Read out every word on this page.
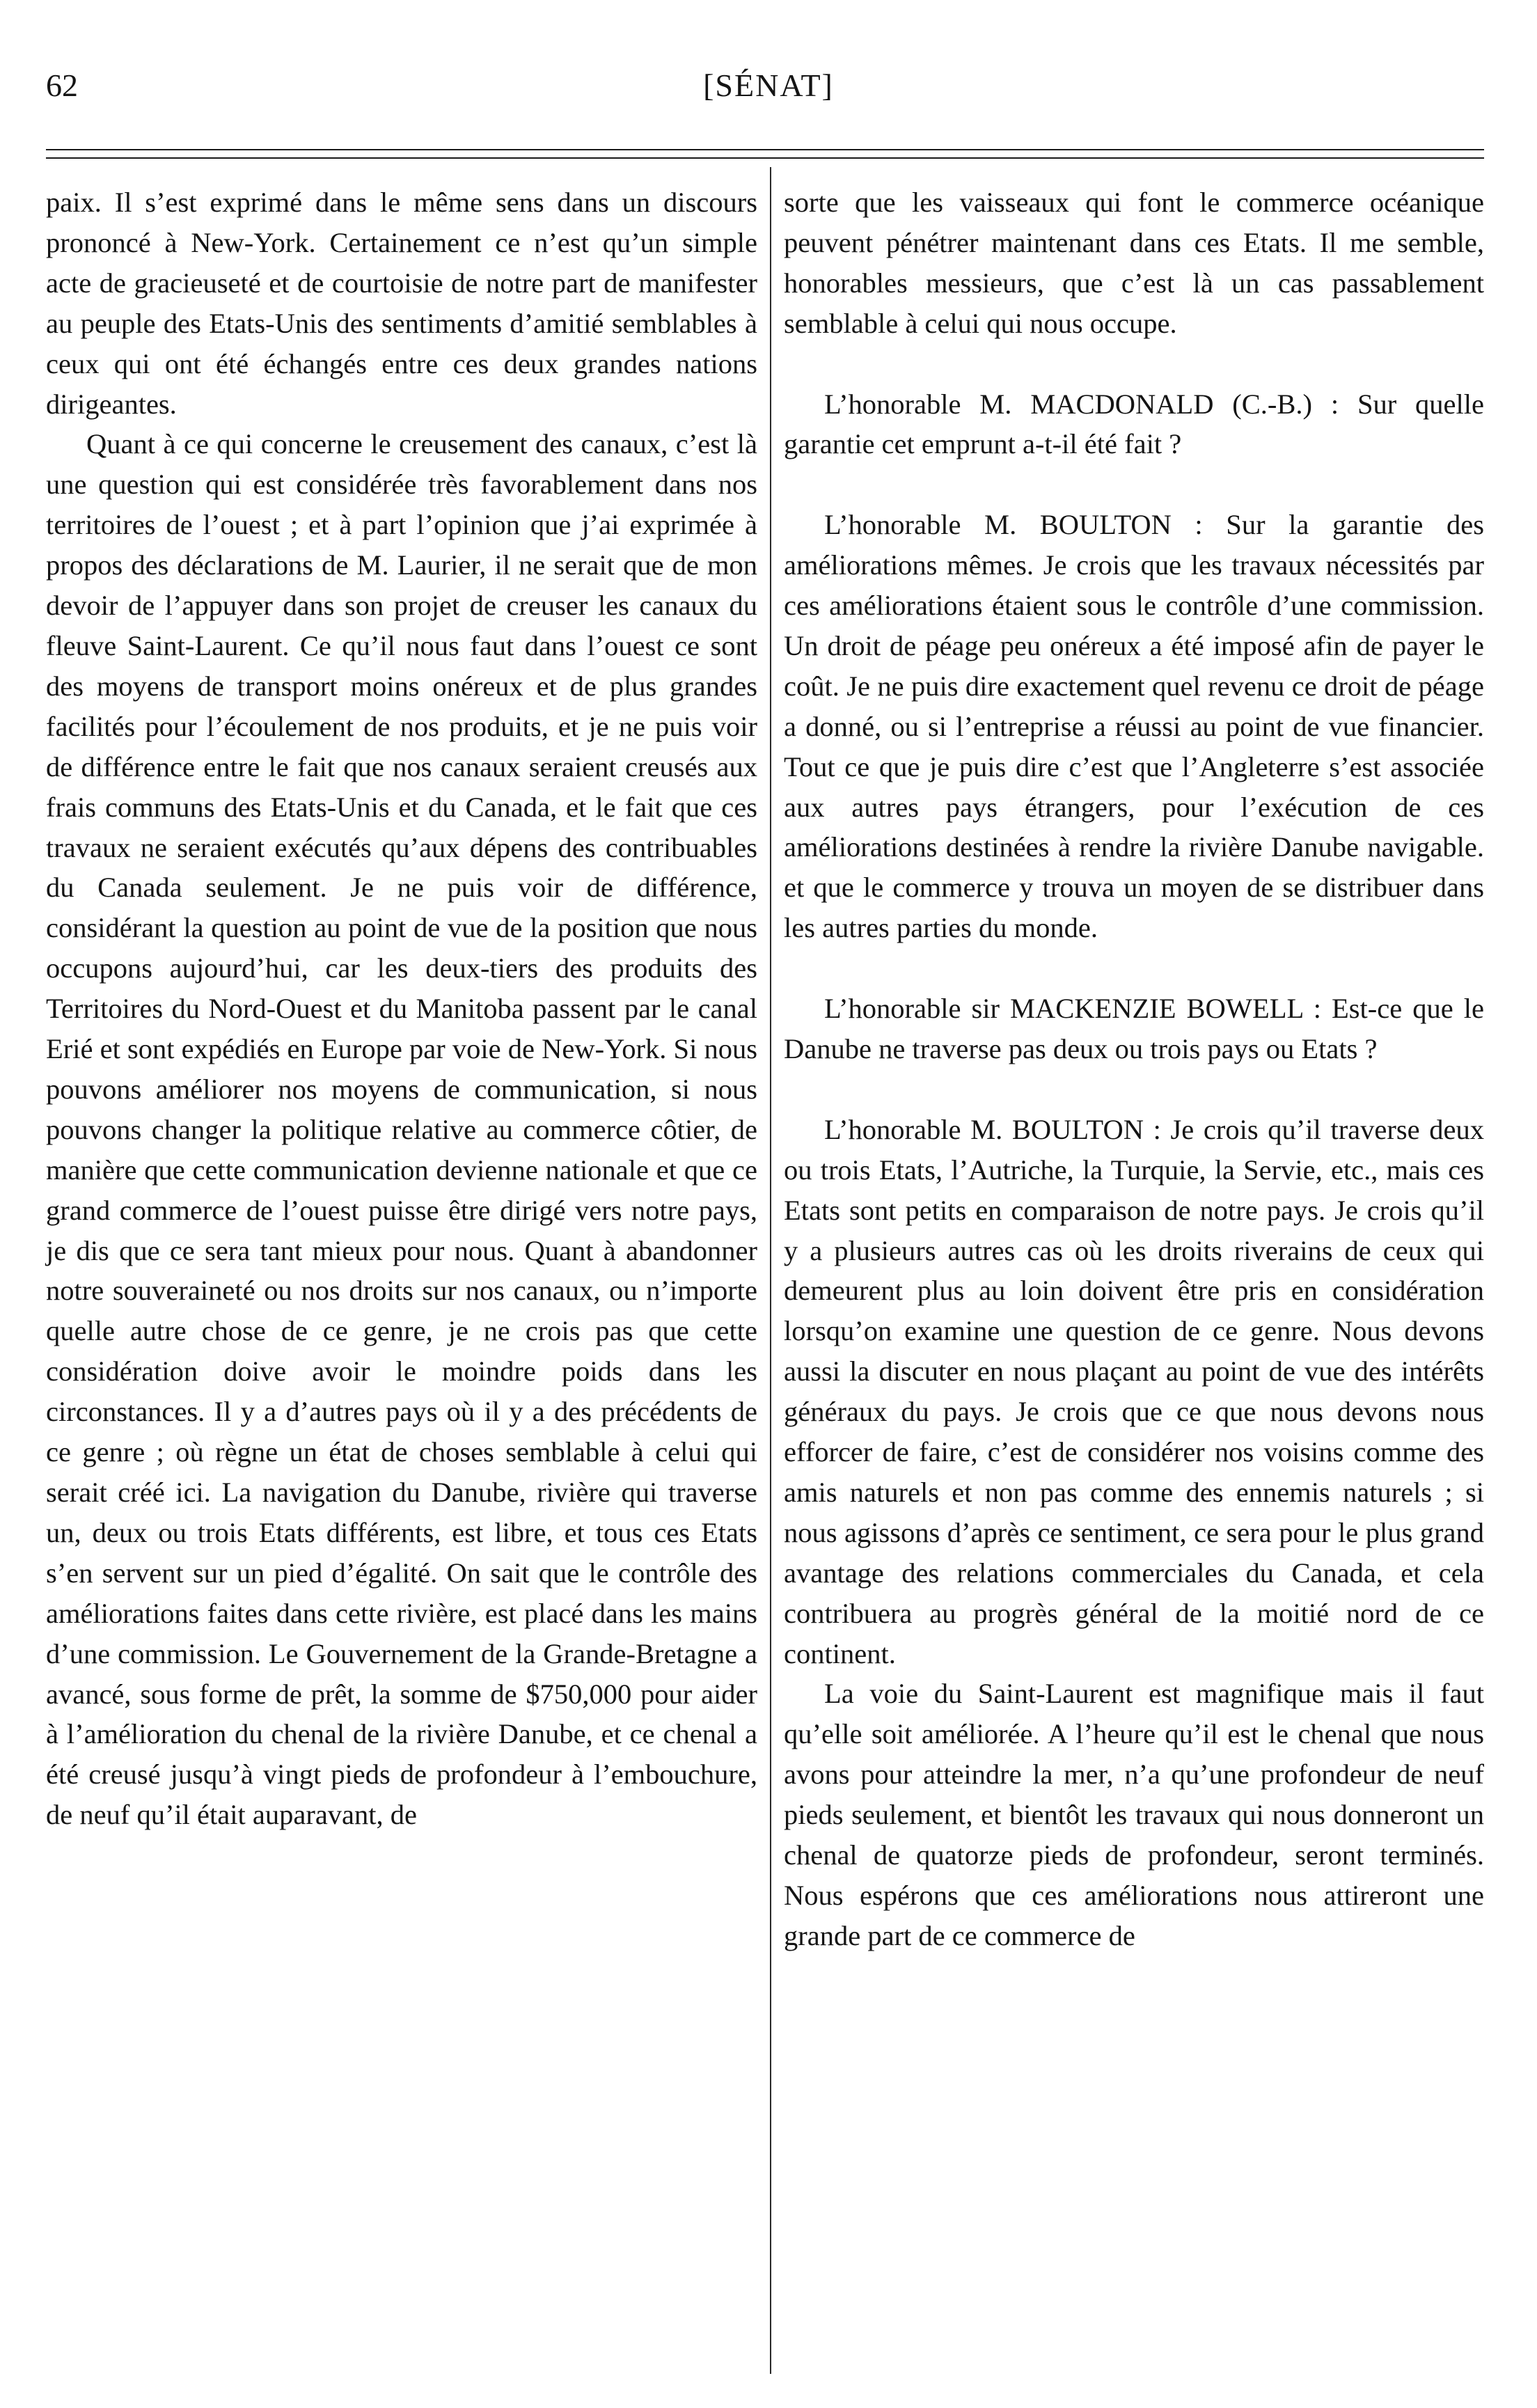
62	[SÉNAT]

paix. Il s’est exprimé dans le même sens dans un discours prononcé à New-York. Certainement ce n’est qu’un simple acte de gracieuseté et de courtoisie de notre part de manifester au peuple des Etats-Unis des sentiments d’amitié semblables à ceux qui ont été échangés entre ces deux grandes nations dirigeantes.

Quant à ce qui concerne le creusement des canaux, c’est là une question qui est considérée très favorablement dans nos territoires de l’ouest ; et à part l’opinion que j’ai exprimée à propos des déclarations de M. Laurier, il ne serait que de mon devoir de l’appuyer dans son projet de creuser les canaux du fleuve Saint-Laurent. Ce qu’il nous faut dans l’ouest ce sont des moyens de transport moins onéreux et de plus grandes facilités pour l’écoulement de nos produits, et je ne puis voir de différence entre le fait que nos canaux seraient creusés aux frais communs des Etats-Unis et du Canada, et le fait que ces travaux ne seraient exécutés qu’aux dépens des contribuables du Canada seulement. Je ne puis voir de différence, considérant la question au point de vue de la position que nous occupons aujourd’hui, car les deux-tiers des produits des Territoires du Nord-Ouest et du Manitoba passent par le canal Erié et sont expédiés en Europe par voie de New-York. Si nous pouvons améliorer nos moyens de communication, si nous pouvons changer la politique relative au commerce côtier, de manière que cette communication devienne nationale et que ce grand commerce de l’ouest puisse être dirigé vers notre pays, je dis que ce sera tant mieux pour nous. Quant à abandonner notre souveraineté ou nos droits sur nos canaux, ou n’importe quelle autre chose de ce genre, je ne crois pas que cette considération doive avoir le moindre poids dans les circonstances. Il y a d’autres pays où il y a des précédents de ce genre ; où règne un état de choses semblable à celui qui serait créé ici. La navigation du Danube, rivière qui traverse un, deux ou trois Etats différents, est libre, et tous ces Etats s’en servent sur un pied d’égalité. On sait que le contrôle des améliorations faites dans cette rivière, est placé dans les mains d’une commission. Le Gouvernement de la Grande-Bretagne a avancé, sous forme de prêt, la somme de $750,000 pour aider à l’amélioration du chenal de la rivière Danube, et ce chenal a été creusé jusqu’à vingt pieds de profondeur à l’embouchure, de neuf qu’il était auparavant, de

sorte que les vaisseaux qui font le commerce océanique peuvent pénétrer maintenant dans ces Etats. Il me semble, honorables messieurs, que c’est là un cas passablement semblable à celui qui nous occupe.

L’honorable M. MACDONALD (C.-B.) : Sur quelle garantie cet emprunt a-t-il été fait ?

L’honorable M. BOULTON : Sur la garantie des améliorations mêmes. Je crois que les travaux nécessités par ces améliorations étaient sous le contrôle d’une commission. Un droit de péage peu onéreux a été imposé afin de payer le coût. Je ne puis dire exactement quel revenu ce droit de péage a donné, ou si l’entreprise a réussi au point de vue financier. Tout ce que je puis dire c’est que l’Angleterre s’est associée aux autres pays étrangers, pour l’exécution de ces améliorations destinées à rendre la rivière Danube navigable. et que le commerce y trouva un moyen de se distribuer dans les autres parties du monde.

L’honorable sir MACKENZIE BOWELL : Est-ce que le Danube ne traverse pas deux ou trois pays ou Etats ?

L’honorable M. BOULTON : Je crois qu’il traverse deux ou trois Etats, l’Autriche, la Turquie, la Servie, etc., mais ces Etats sont petits en comparaison de notre pays. Je crois qu’il y a plusieurs autres cas où les droits riverains de ceux qui demeurent plus au loin doivent être pris en considération lorsqu’on examine une question de ce genre. Nous devons aussi la discuter en nous plaçant au point de vue des intérêts généraux du pays. Je crois que ce que nous devons nous efforcer de faire, c’est de considérer nos voisins comme des amis naturels et non pas comme des ennemis naturels ; si nous agissons d’après ce sentiment, ce sera pour le plus grand avantage des relations commerciales du Canada, et cela contribuera au progrès général de la moitié nord de ce continent.

La voie du Saint-Laurent est magnifique mais il faut qu’elle soit améliorée. A l’heure qu’il est le chenal que nous avons pour atteindre la mer, n’a qu’une profondeur de neuf pieds seulement, et bientôt les travaux qui nous donneront un chenal de quatorze pieds de profondeur, seront terminés. Nous espérons que ces améliorations nous attireront une grande part de ce commerce de
